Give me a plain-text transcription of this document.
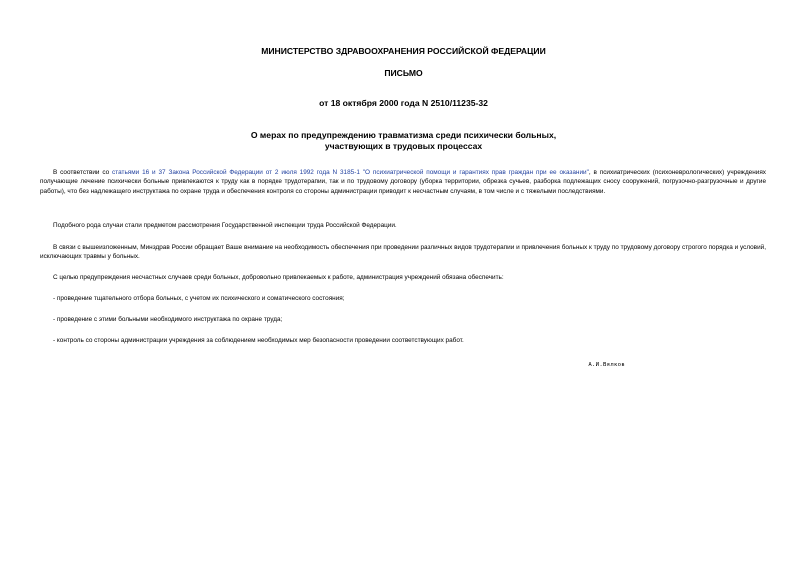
МИНИСТЕРСТВО ЗДРАВООХРАНЕНИЯ РОССИЙСКОЙ ФЕДЕРАЦИИ
ПИСЬМО
от 18 октября 2000 года N 2510/11235-32
О мерах по предупреждению травматизма среди психически больных,
участвующих в трудовых процессах
В соответствии со статьями 16 и 37 Закона Российской Федерации от 2 июля 1992 года N 3185-1 "О психиатрической помощи и гарантиях прав граждан при ее оказании", в психиатрических (психоневрологических) учреждениях получающие лечение психически больные привлекаются к труду как в порядке трудотерапии, так и по трудовому договору (уборка территории, обрезка сучьев, разборка подлежащих сносу сооружений, погрузочно-разгрузочные и другие работы), что без надлежащего инструктажа по охране труда и обеспечения контроля со стороны администрации приводит к несчастным случаям, в том числе и с тяжелыми последствиями.
Подобного рода случаи стали предметом рассмотрения Государственной инспекции труда Российской Федерации.
В связи с вышеизложенным, Минздрав России обращает Ваше внимание на необходимость обеспечения при проведении различных видов трудотерапии и привлечения больных к труду по трудовому договору строгого порядка и условий, исключающих травмы у больных.
С целью предупреждения несчастных случаев среди больных, добровольно привлекаемых к работе, администрация учреждений обязана обеспечить:
- проведение тщательного отбора больных, с учетом их психического и соматического состояния;
- проведение с этими больными необходимого инструктажа по охране труда;
- контроль со стороны администрации учреждения за соблюдением необходимых мер безопасности проведении соответствующих работ.
А.И.Вялков
